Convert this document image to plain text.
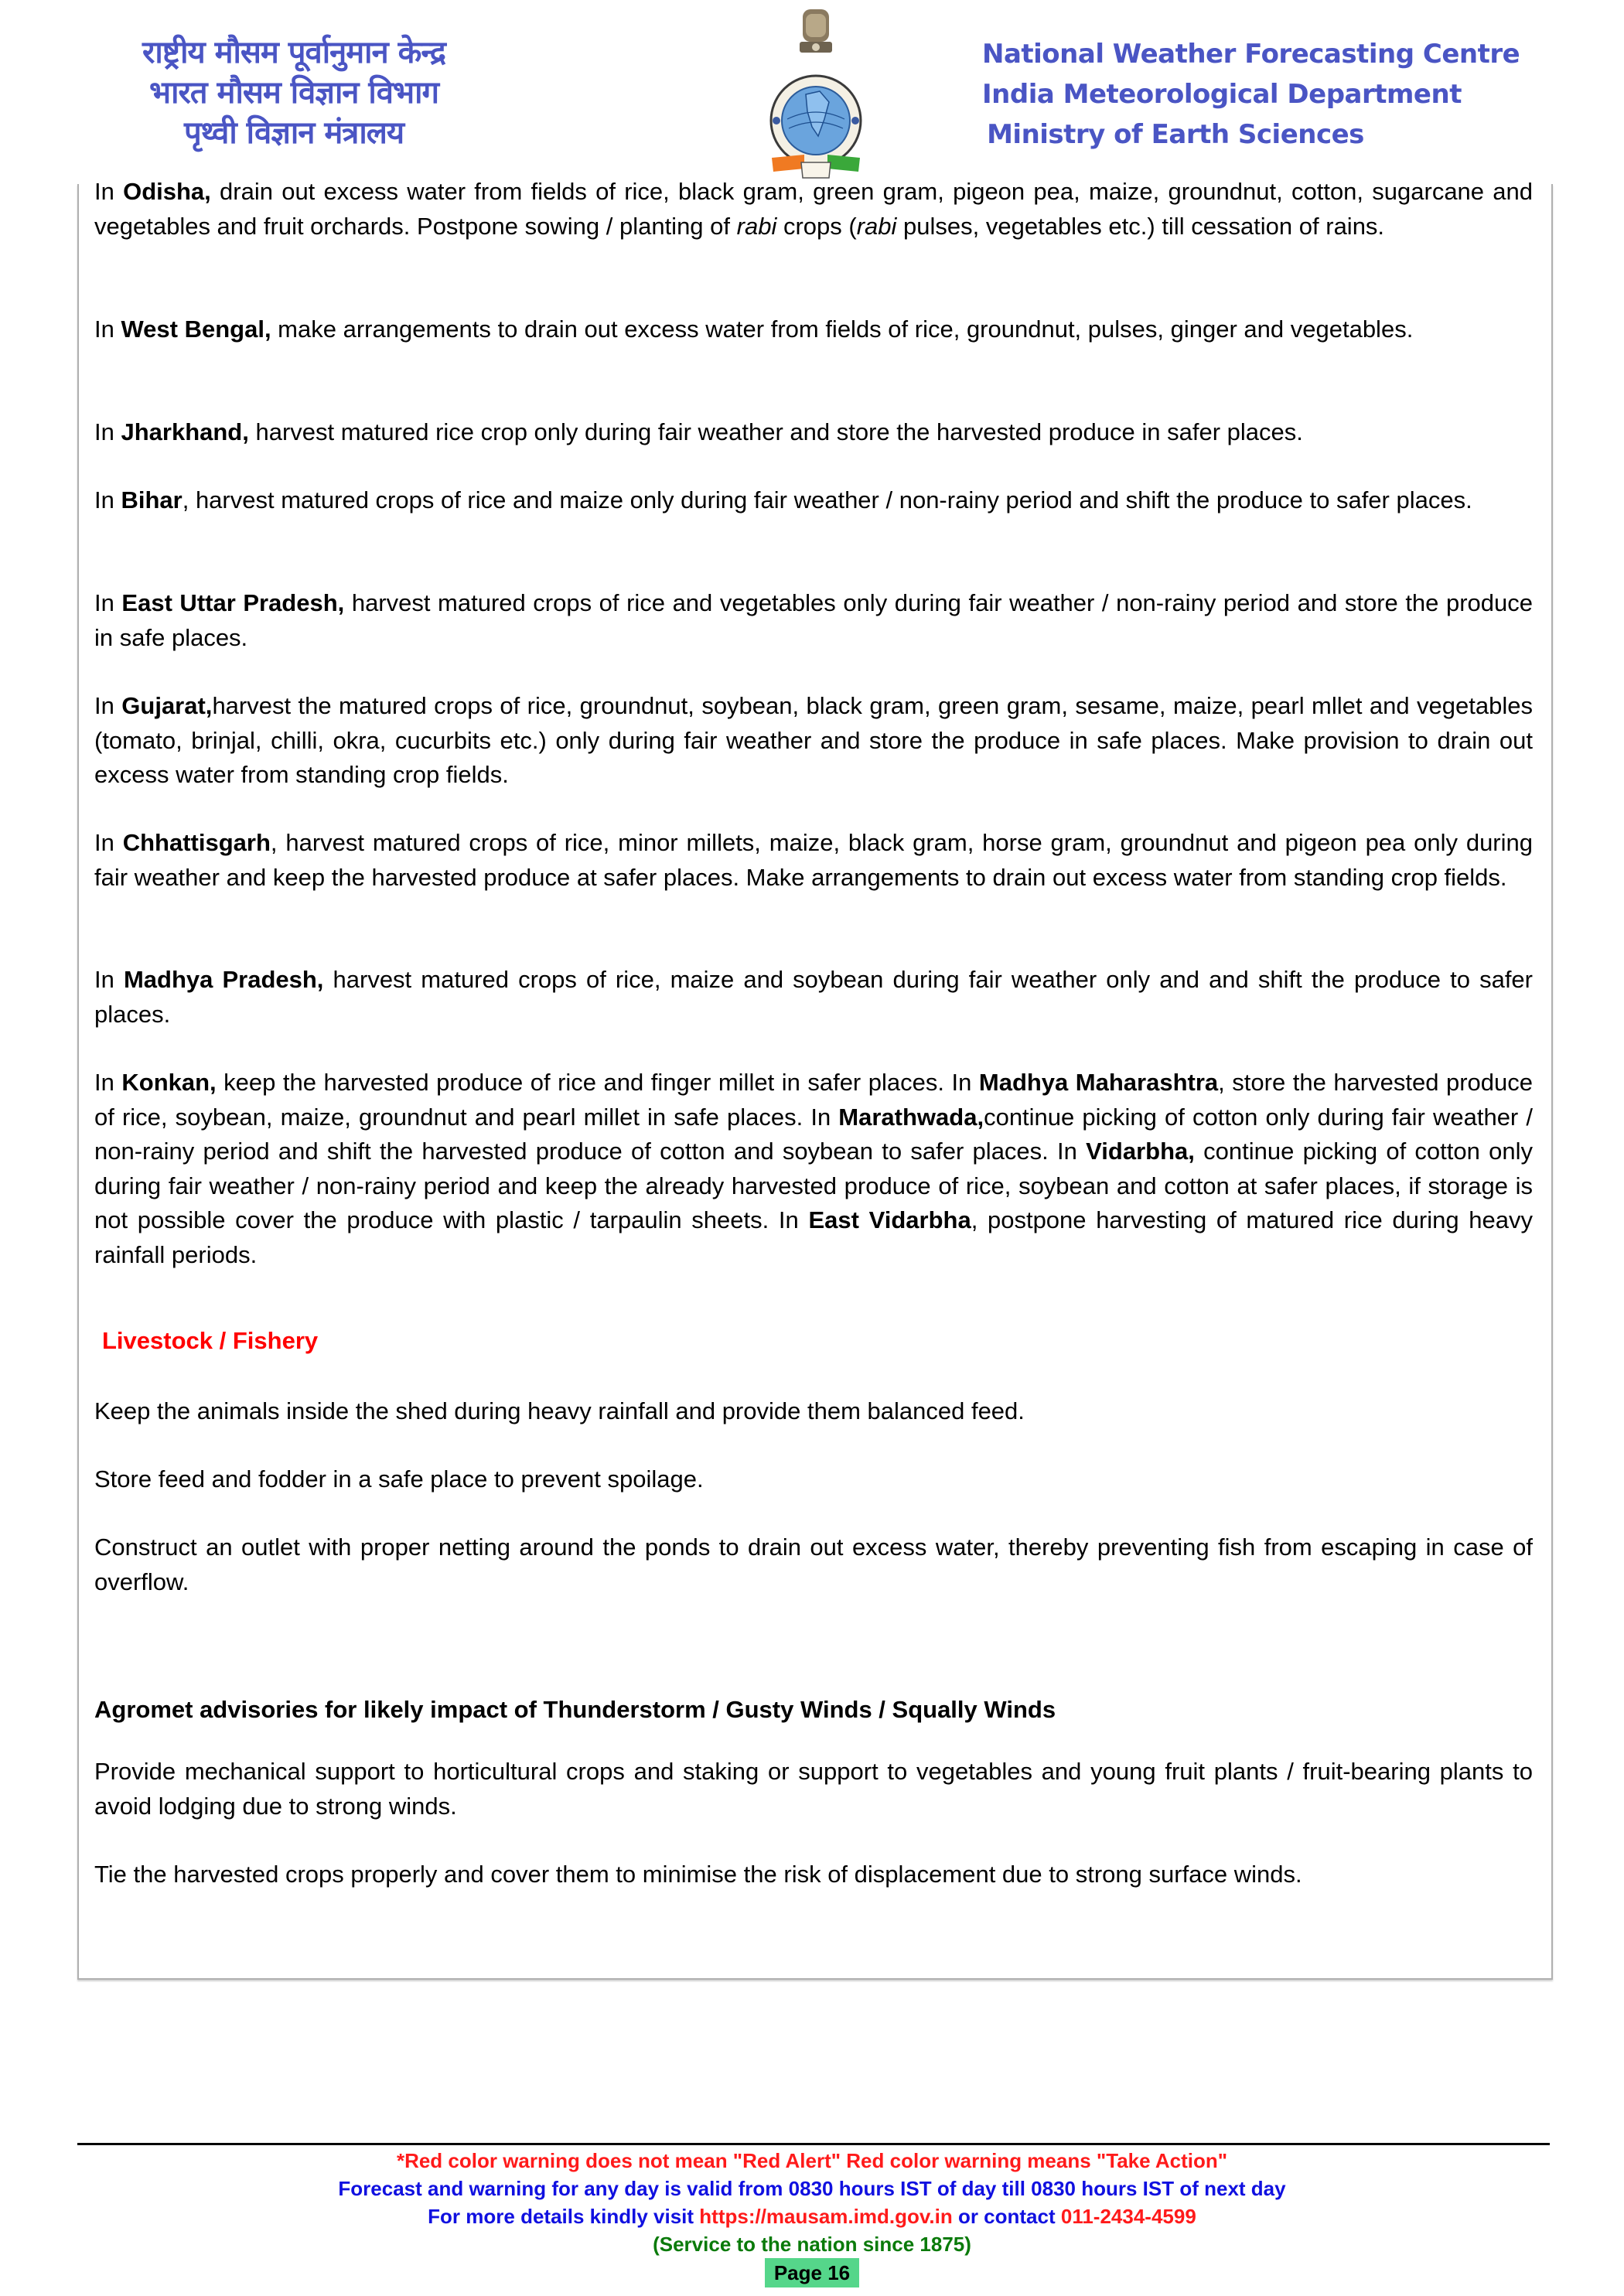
राष्ट्रीय मौसम पूर्वानुमान केन्द्र
भारत मौसम विज्ञान विभाग
पृथ्वी विज्ञान मंत्रालय
National Weather Forecasting Centre
India Meteorological Department
Ministry of Earth Sciences

In Odisha, drain out excess water from fields of rice, black gram, green gram, pigeon pea, maize, groundnut, cotton, sugarcane and vegetables and fruit orchards. Postpone sowing / planting of rabi crops (rabi pulses, vegetables etc.) till cessation of rains.

In West Bengal, make arrangements to drain out excess water from fields of rice, groundnut, pulses, ginger and vegetables.

In Jharkhand, harvest matured rice crop only during fair weather and store the harvested produce in safer places.

In Bihar, harvest matured crops of rice and maize only during fair weather / non-rainy period and shift the produce to safer places.

In East Uttar Pradesh, harvest matured crops of rice and vegetables only during fair weather / non-rainy period and store the produce in safe places.

In Gujarat,harvest the matured crops of rice, groundnut, soybean, black gram, green gram, sesame, maize, pearl mllet and vegetables (tomato, brinjal, chilli, okra, cucurbits etc.) only during fair weather and store the produce in safe places. Make provision to drain out excess water from standing crop fields.

In Chhattisgarh, harvest matured crops of rice, minor millets, maize, black gram, horse gram, groundnut and pigeon pea only during fair weather and keep the harvested produce at safer places. Make arrangements to drain out excess water from standing crop fields.

In Madhya Pradesh, harvest matured crops of rice, maize and soybean during fair weather only and and shift the produce to safer places.

In Konkan, keep the harvested produce of rice and finger millet in safer places. In Madhya Maharashtra, store the harvested produce of rice, soybean, maize, groundnut and pearl millet in safe places. In Marathwada,continue picking of cotton only during fair weather / non-rainy period and shift the harvested produce of cotton and soybean to safer places. In Vidarbha, continue picking of cotton only during fair weather / non-rainy period and keep the already harvested produce of rice, soybean and cotton at safer places, if storage is not possible cover the produce with plastic / tarpaulin sheets. In East Vidarbha, postpone harvesting of matured rice during heavy rainfall periods.

Livestock / Fishery

Keep the animals inside the shed during heavy rainfall and provide them balanced feed.

Store feed and fodder in a safe place to prevent spoilage.

Construct an outlet with proper netting around the ponds to drain out excess water, thereby preventing fish from escaping in case of overflow.

Agromet advisories for likely impact of Thunderstorm / Gusty Winds / Squally Winds

Provide mechanical support to horticultural crops and staking or support to vegetables and young fruit plants / fruit-bearing plants to avoid lodging due to strong winds.

Tie the harvested crops properly and cover them to minimise the risk of displacement due to strong surface winds.

*Red color warning does not mean "Red Alert" Red color warning means "Take Action"
Forecast and warning for any day is valid from 0830 hours IST of day till 0830 hours IST of next day
For more details kindly visit https://mausam.imd.gov.in or contact 011-2434-4599
(Service to the nation since 1875)
Page 16
